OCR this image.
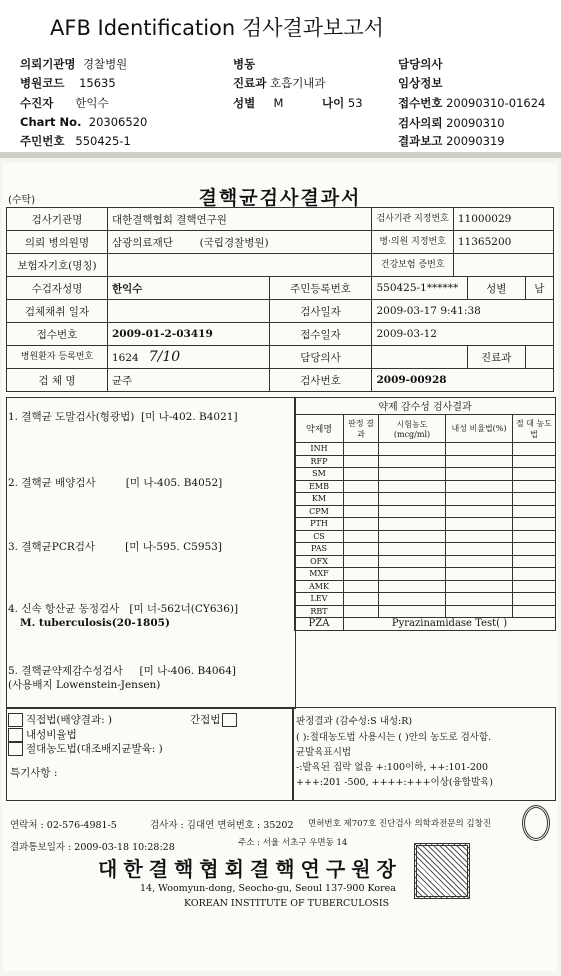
AFB Identification 검사결과보고서
의뢰기관명 경찰병원
병원코드 15635
수진자 한익수
Chart No. 20306520
주민번호 550425-1
병동
진료과 호흡기내과
성별 M	나이 53
담당의사
임상정보
접수번호 20090310-01624
검사의뢰 20090310
결과보고 20090319
(수탁)	결핵균검사결과서
검사기관명	대한결핵협회 결핵연구원		검사기관 지정번호	11000029		
의뢰 병의원명	삼광의료재단 (국립경찰병원)		병·의원 지정번호	11365200		
보험자기호(명칭)			건강보험 증번호			
수검자성명	한익수	주민등록번호	550425-1******		성별	남
검체채취 일자		검사일자	2009-03-17 9:41:38			
접수번호	2009-01-2-03419	접수일자	2009-03-12			
병원환자 등록번호	1624 7/10	담당의사			진료과	
검 체 명	균주	검사번호	2009-00928			
1. 결핵균 도말검사(형광법) [미 나-402. B4021]
2. 결핵균 배양검사	[미 나-405. B4052]
3. 결핵균PCR검사	[미 나-595. C5953]
4. 신속 항산균 동정검사 [미 너-562너(CY636)]
M. tuberculosis(20-1805)
5. 결핵균약제감수성검사 [미 나-406. B4064]
(사용배지 Lowenstein-Jensen)
약제 감수성 검사결과
약제명	판정 결과	시험농도 (mcg/ml)	내성 비율법(%)	절 대 농도법
INH				
RFP				
SM				
EMB				
KM				
CPM				
PTH				
CS				
PAS				
OFX				
MXF				
AMK				
LEV				
RBT				
PZA	Pyrazinamidase Test( )			
직접법(배양결과: )	간접법
내성비율법
절대농도법(대조배지균발육: )
특기사항 :
판정결과 (감수성:S 내성:R)
( ):절대농도법 사용시는 ( )안의 농도로 검사함.
균발육표시법
-:발육된 집락 없음 +:100이하, ++:101-200
+++:201 -500, ++++:+++이상(융합발육)
연락처 : 02-576-4981-5	검사자 : 김대연 면허번호 : 35202 면허번호 제707호 진단검사 의학과전문의 김창진
결과통보일자 : 2009-03-18 10:28:28	주소 : 서울 서초구 우면동 14
대한결핵협회결핵연구원장
14, Woomyun-dong, Seocho-gu, Seoul 137-900 Korea
KOREAN INSTITUTE OF TUBERCULOSIS
